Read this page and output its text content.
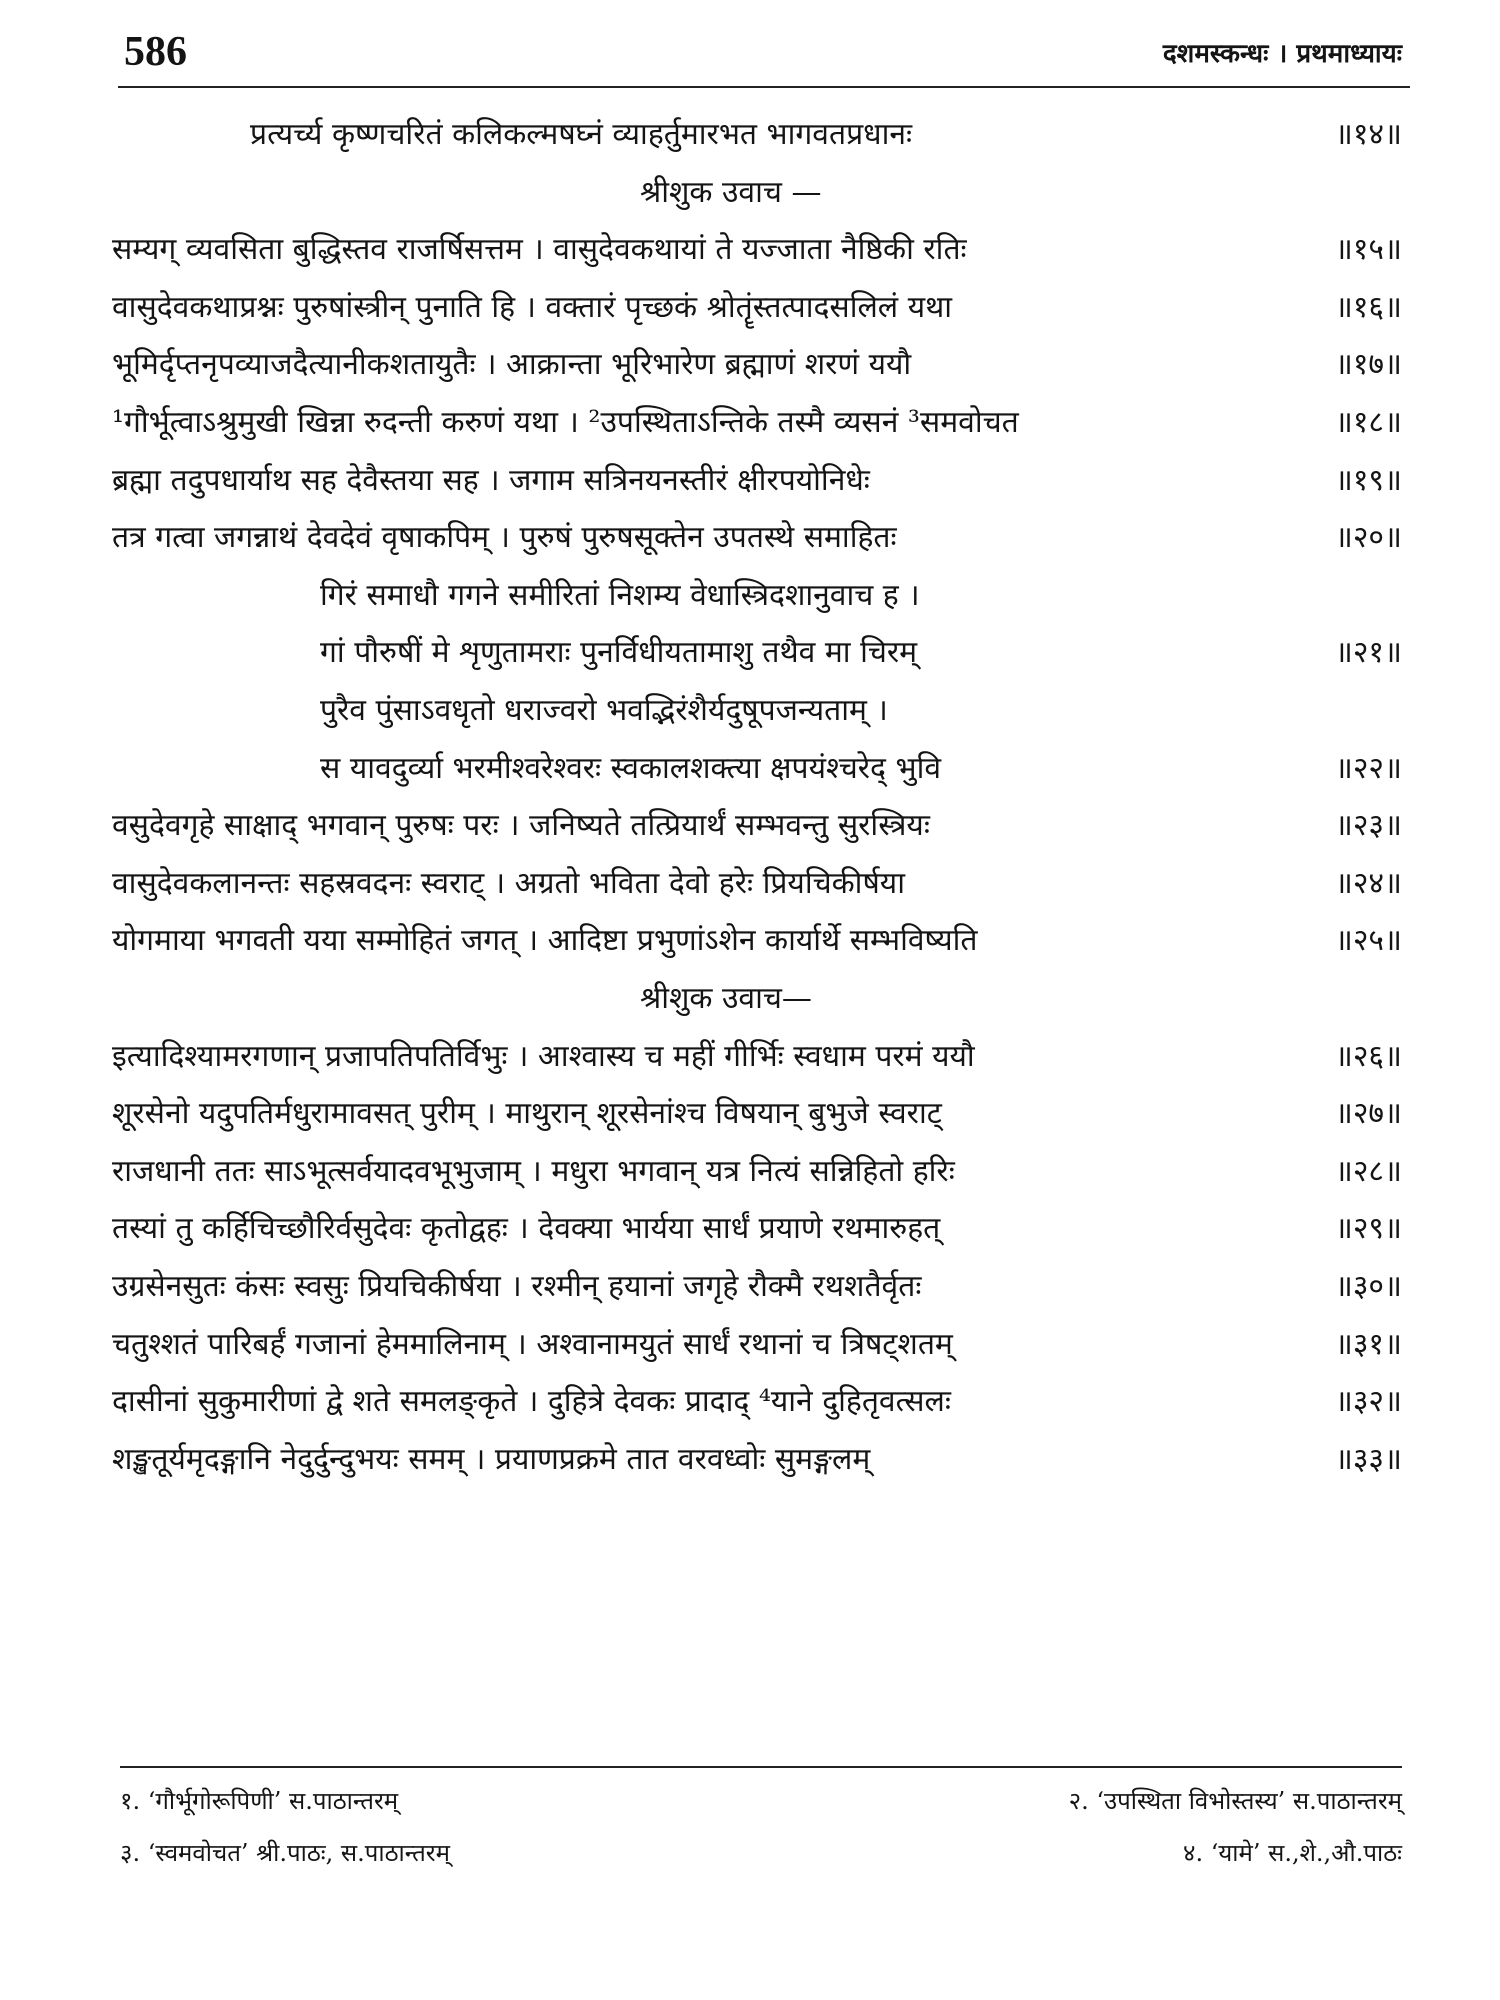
586	दशमस्कन्धः । प्रथमाध्यायः
प्रत्यर्च्य कृष्णचरितं कलिकल्मषघ्नं व्याहर्तुमारभत भागवतप्रधानः	॥१४॥
श्रीशुक उवाच —
सम्यग् व्यवसिता बुद्धिस्तव राजर्षिसत्तम । वासुदेवकथायां ते यज्जाता नैष्ठिकी रतिः	॥१५॥
वासुदेवकथाप्रश्नः पुरुषांस्त्रीन् पुनाति हि । वक्तारं पृच्छकं श्रोतॄंस्तत्पादसलिलं यथा	॥१६॥
भूमिर्दृप्तनृपव्याजदैत्यानीकशतायुतैः । आक्रान्ता भूरिभारेण ब्रह्माणं शरणं ययौ	॥१७॥
¹गौर्भूत्वाऽश्रुमुखी खिन्ना रुदन्ती करुणं यथा । ²उपस्थिताऽन्तिके तस्मै व्यसनं ³समवोचत	॥१८॥
ब्रह्मा तदुपधार्याथ सह देवैस्तया सह । जगाम सत्रिनयनस्तीरं क्षीरपयोनिधेः	॥१९॥
तत्र गत्वा जगन्नाथं देवदेवं वृषाकपिम् । पुरुषं पुरुषसूक्तेन उपतस्थे समाहितः	॥२०॥
गिरं समाधौ गगने समीरितां निशम्य वेधास्त्रिदशानुवाच ह ।
गां पौरुषीं मे शृणुतामराः पुनर्विधीयतामाशु तथैव मा चिरम्	॥२१॥
पुरैव पुंसाऽवधृतो धराज्वरो भवद्भिरंशैर्यदुषूपजन्यताम् ।
स यावदुर्व्या भरमीश्वरेश्वरः स्वकालशक्त्या क्षपयंश्चरेद् भुवि	॥२२॥
वसुदेवगृहे साक्षाद् भगवान् पुरुषः परः । जनिष्यते तत्प्रियार्थं सम्भवन्तु सुरस्त्रियः	॥२३॥
वासुदेवकलानन्तः सहस्रवदनः स्वराट् । अग्रतो भविता देवो हरेः प्रियचिकीर्षया	॥२४॥
योगमाया भगवती यया सम्मोहितं जगत् । आदिष्टा प्रभुणांऽशेन कार्यार्थे सम्भविष्यति	॥२५॥
श्रीशुक उवाच—
इत्यादिश्यामरगणान् प्रजापतिपतिर्विभुः । आश्वास्य च महीं गीर्भिः स्वधाम परमं ययौ	॥२६॥
शूरसेनो यदुपतिर्मधुरामावसत् पुरीम् । माथुरान् शूरसेनांश्च विषयान् बुभुजे स्वराट्	॥२७॥
राजधानी ततः साऽभूत्सर्वयादवभूभुजाम् । मधुरा भगवान् यत्र नित्यं सन्निहितो हरिः	॥२८॥
तस्यां तु कर्हिचिच्छौरिर्वसुदेवः कृतोद्वहः । देवक्या भार्यया सार्धं प्रयाणे रथमारुहत्	॥२९॥
उग्रसेनसुतः कंसः स्वसुः प्रियचिकीर्षया । रश्मीन् हयानां जगृहे रौक्मै रथशतैर्वृतः	॥३०॥
चतुश्शतं पारिबर्हं गजानां हेममालिनाम् । अश्वानामयुतं सार्धं रथानां च त्रिषट्शतम्	॥३१॥
दासीनां सुकुमारीणां द्वे शते समलङ्कृते । दुहित्रे देवकः प्रादाद् ⁴याने दुहितृवत्सलः	॥३२॥
शङ्खतूर्यमृदङ्गानि नेदुर्दुन्दुभयः समम् । प्रयाणप्रक्रमे तात वरवध्वोः सुमङ्गलम्	॥३३॥
१. ‘गौर्भूगोरूपिणी’ स.पाठान्तरम्	२. ‘उपस्थिता विभोस्तस्य’ स.पाठान्तरम्
३. ‘स्वमवोचत’ श्री.पाठः, स.पाठान्तरम्	४. ‘यामे’ स.,शे.,औ.पाठः
